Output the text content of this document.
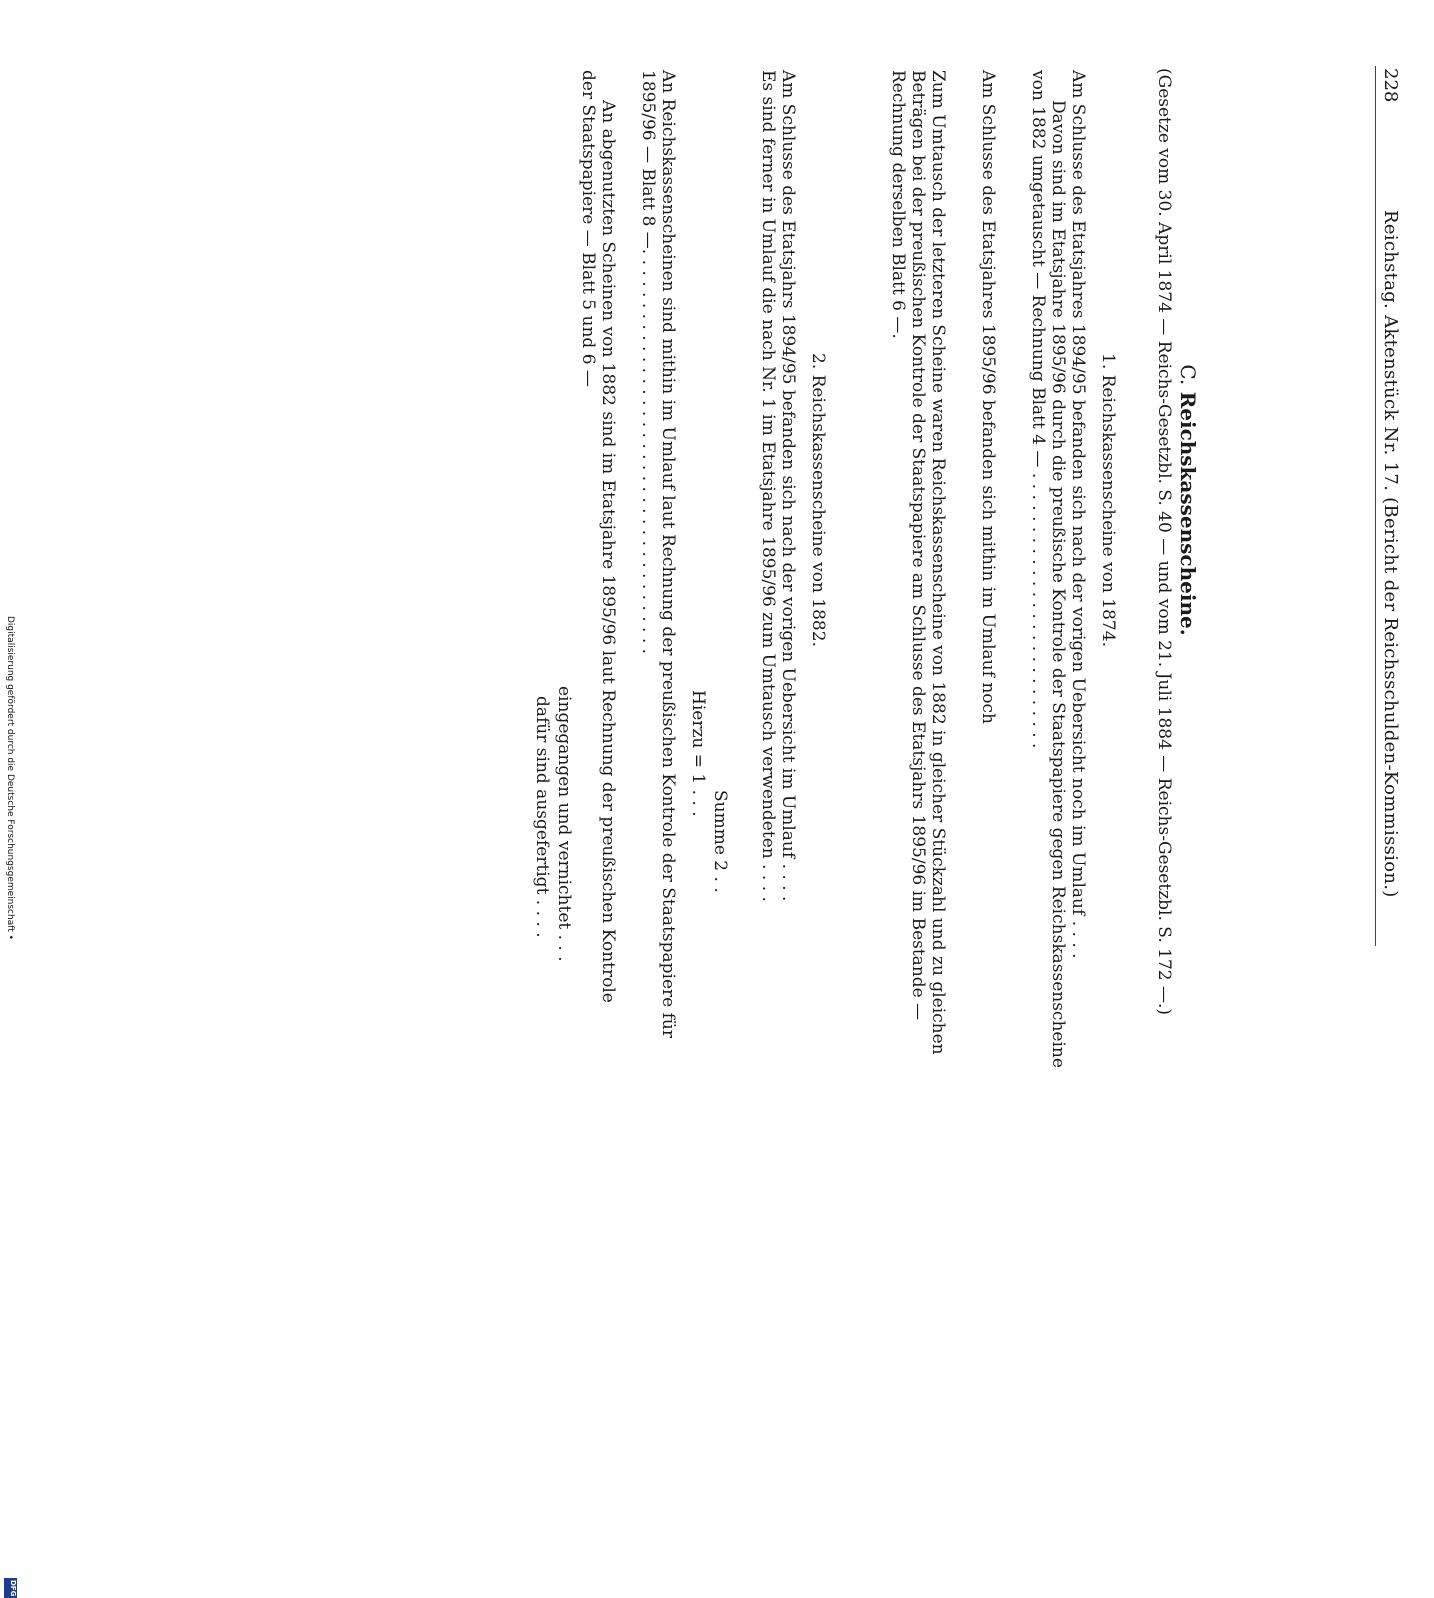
228
Reichstag. Aktenstück Nr. 17. (Bericht der Reichsschulden-Kommission.)
C. Reichskassenscheine.
(Gesetze vom 30. April 1874 — Reichs-Gesetzbl. S. 40 — und vom 21. Juli 1884 — Reichs-Gesetzbl. S. 172 —.)
1. Reichskassenscheine von 1874.
Am Schlusse des Etatsjahres 1894/95 befanden sich nach der vorigen Uebersicht noch im Umlauf . . . .
Davon sind im Etatsjahre 1895/96 durch die preußische Kontrole der Staatspapiere gegen Reichskassenscheine
von 1882 umgetauscht — Rechnung Blatt 4 — . . . . . . . . . . . . . . . . . . . . . . . . . .
Am Schlusse des Etatsjahres 1895/96 befanden sich mithin im Umlauf noch
Zum Umtausch der letzteren Scheine waren Reichskassenscheine von 1882 in gleicher Stückzahl und zu gleichen
Beträgen bei der preußischen Kontrole der Staatspapiere am Schlusse des Etatsjahrs 1895/96 im Bestande —
Rechnung derselben Blatt 6 —.
2. Reichskassenscheine von 1882.
Am Schlusse des Etatsjahrs 1894/95 befanden sich nach der vorigen Uebersicht im Umlauf . . . .
Es sind ferner in Umlauf die nach Nr. 1 im Etatsjahre 1895/96 zum Umtausch verwendeten . . . .
Summe 2 . .
Hierzu = 1 . . .
An Reichskassenscheinen sind mithin im Umlauf laut Rechnung der preußischen Kontrole der Staatspapiere für
1895/96 — Blatt 8 —. . . . . . . . . . . . . . . . . . . . . . . . . . . . . . . . . . . . . .
An abgenutzten Scheinen von 1882 sind im Etatsjahre 1895/96 laut Rechnung der preußischen Kontrole
der Staatspapiere — Blatt 5 und 6 —
eingegangen und vernichtet . . .
dafür sind ausgefertigt . . . .
Digitalisierung gefördert durch die Deutsche Forschungsgemeinschaft •
DFG
